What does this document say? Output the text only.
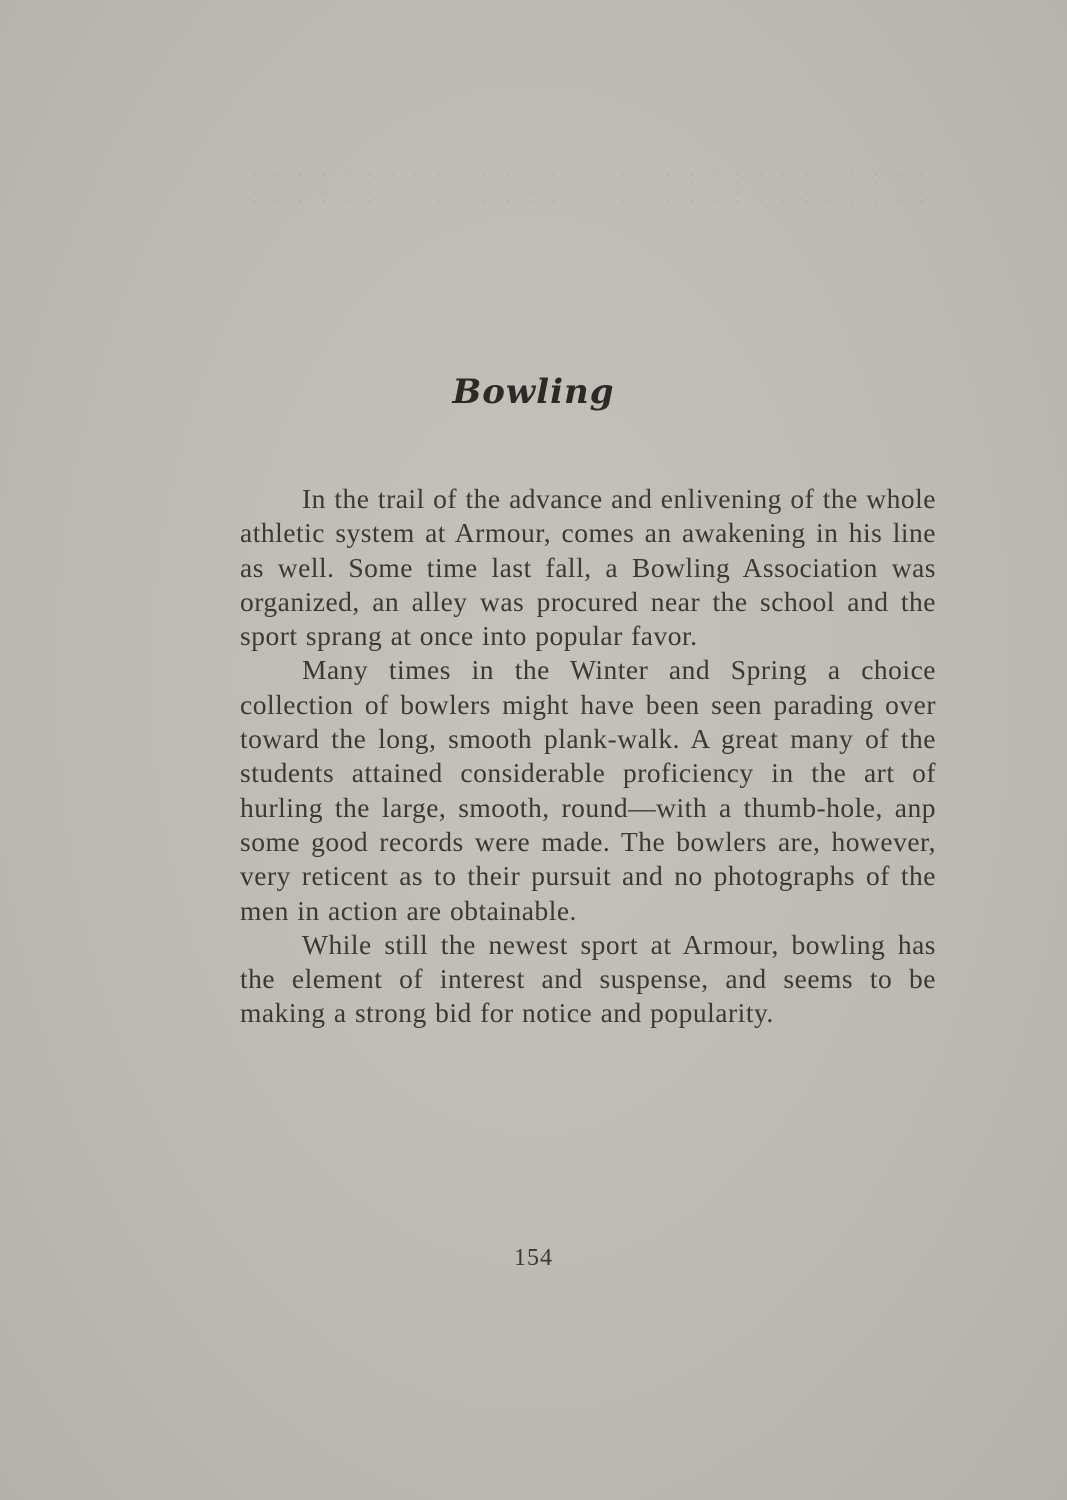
Bowling

In the trail of the advance and enlivening of the whole athletic system at Armour, comes an awakening in his line as well. Some time last fall, a Bowling Association was organized, an alley was procured near the school and the sport sprang at once into popular favor.

Many times in the Winter and Spring a choice collection of bowlers might have been seen parading over toward the long, smooth plank-walk. A great many of the students attained considerable proficiency in the art of hurling the large, smooth, round—with a thumb-hole, anp some good records were made. The bowlers are, however, very reticent as to their pursuit and no photographs of the men in action are obtainable.

While still the newest sport at Armour, bowling has the element of interest and suspense, and seems to be making a strong bid for notice and popularity.

154
